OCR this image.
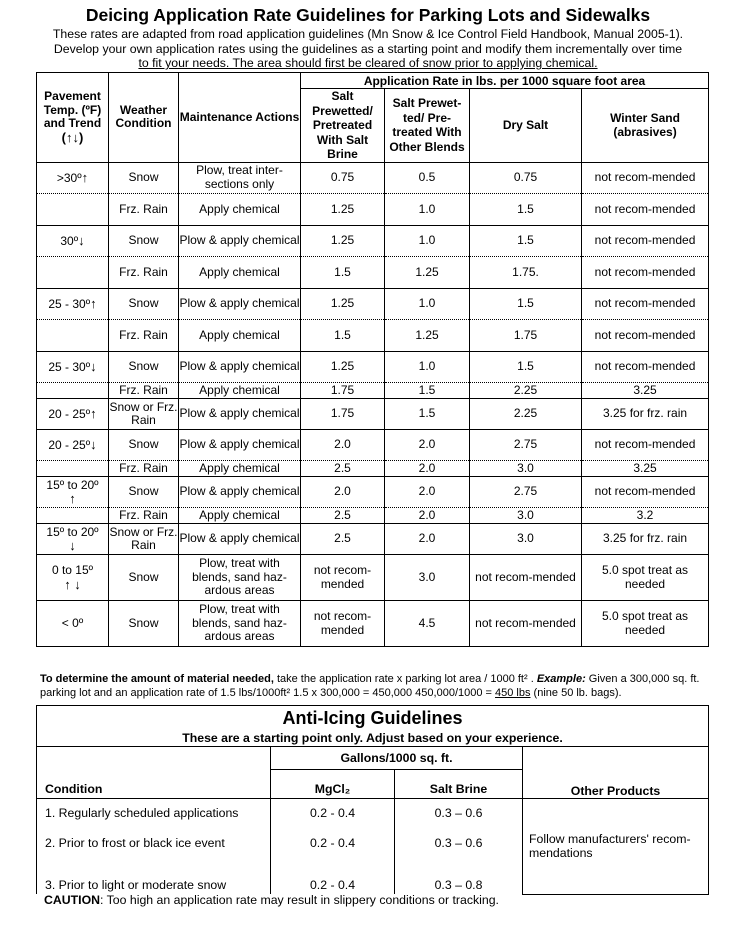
Deicing Application Rate Guidelines for Parking Lots and Sidewalks
These rates are adapted from road application guidelines (Mn Snow & Ice Control Field Handbook, Manual 2005-1).
Develop your own application rates using the guidelines as a starting point and modify them incrementally over time
to fit your needs. The area should first be cleared of snow prior to applying chemical.
Pavement Temp. (ºF) and Trend
(↑↓)	Weather Condition	Maintenance Actions	Application Rate in lbs. per 1000 square foot area			
			Salt Prewetted/ Pretreated With Salt Brine	Salt Prewet-ted/ Pre-treated With Other Blends	Dry Salt	Winter Sand (abrasives)
>30º↑	Snow	Plow, treat inter-sections only	0.75	0.5	0.75	not recom-mended
	Frz. Rain	Apply chemical	1.25	1.0	1.5	not recom-mended
30º↓	Snow	Plow & apply chemical	1.25	1.0	1.5	not recom-mended
	Frz. Rain	Apply chemical	1.5	1.25	1.75.	not recom-mended
25 - 30º↑	Snow	Plow & apply chemical	1.25	1.0	1.5	not recom-mended
	Frz. Rain	Apply chemical	1.5	1.25	1.75	not recom-mended
25 - 30º↓	Snow	Plow & apply chemical	1.25	1.0	1.5	not recom-mended
	Frz. Rain	Apply chemical	1.75	1.5	2.25	3.25
20 - 25º↑	Snow or Frz. Rain	Plow & apply chemical	1.75	1.5	2.25	3.25 for frz. rain
20 - 25º↓	Snow	Plow & apply chemical	2.0	2.0	2.75	not recom-mended
	Frz. Rain	Apply chemical	2.5	2.0	3.0	3.25
15º to 20º
↑	Snow	Plow & apply chemical	2.0	2.0	2.75	not recom-mended
	Frz. Rain	Apply chemical	2.5	2.0	3.0	3.2
15º to 20º
↓	Snow or Frz. Rain	Plow & apply chemical	2.5	2.0	3.0	3.25 for frz. rain
0 to 15º
↑ ↓	Snow	Plow, treat with blends, sand haz-ardous areas	not recom-mended	3.0	not recom-mended	5.0 spot treat as needed
< 0º	Snow	Plow, treat with blends, sand haz-ardous areas	not recom-mended	4.5	not recom-mended	5.0 spot treat as needed
To determine the amount of material needed, take the application rate x parking lot area / 1000 ft² . Example: Given a 300,000 sq. ft. parking lot and an application rate of 1.5 lbs/1000ft² 1.5 x 300,000 = 450,000 450,000/1000 = 450 lbs (nine 50 lb. bags).
Anti-Icing Guidelines			
These are a starting point only. Adjust based on your experience.			
Condition	Gallons/1000 sq. ft.		Other Products
	MgCl₂	Salt Brine	
1. Regularly scheduled applications	0.2 - 0.4	0.3 – 0.6	Follow manufacturers' recom-mendations
2. Prior to frost or black ice event	0.2 - 0.4	0.3 – 0.6	
3. Prior to light or moderate snow	0.2 - 0.4	0.3 – 0.8	
CAUTION: Too high an application rate may result in slippery conditions or tracking.
